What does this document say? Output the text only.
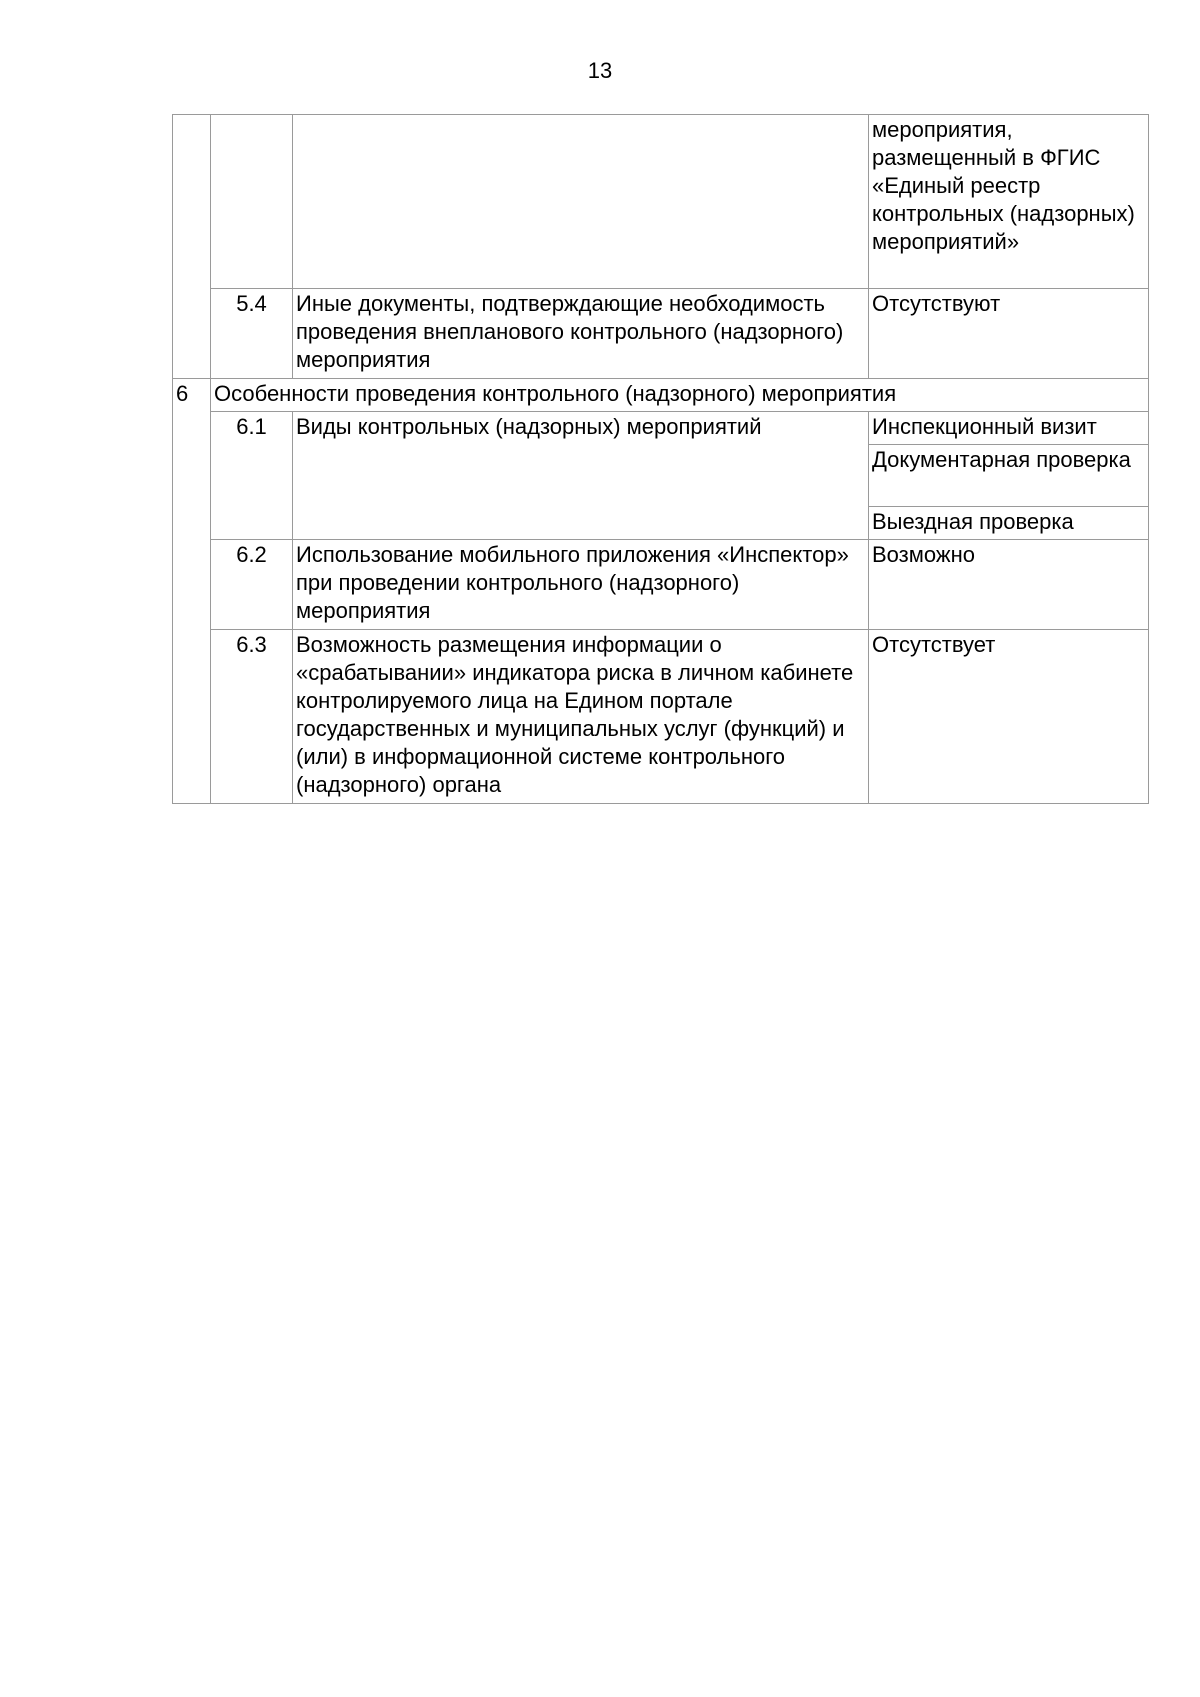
13
			мероприятия, размещенный в ФГИС «Единый реестр контрольных (надзорных) мероприятий»
	5.4	Иные документы, подтверждающие необходимость проведения внепланового контрольного (надзорного) мероприятия	Отсутствуют
6	Особенности проведения контрольного (надзорного) мероприятия		
	6.1	Виды контрольных (надзорных) мероприятий	Инспекционный визит
			Документарная проверка
			Выездная проверка
	6.2	Использование мобильного приложения «Инспектор» при проведении контрольного (надзорного) мероприятия	Возможно
	6.3	Возможность размещения информации о «срабатывании» индикатора риска в личном кабинете контролируемого лица на Едином портале государственных и муниципальных услуг (функций) и (или) в информационной системе контрольного (надзорного) органа	Отсутствует
